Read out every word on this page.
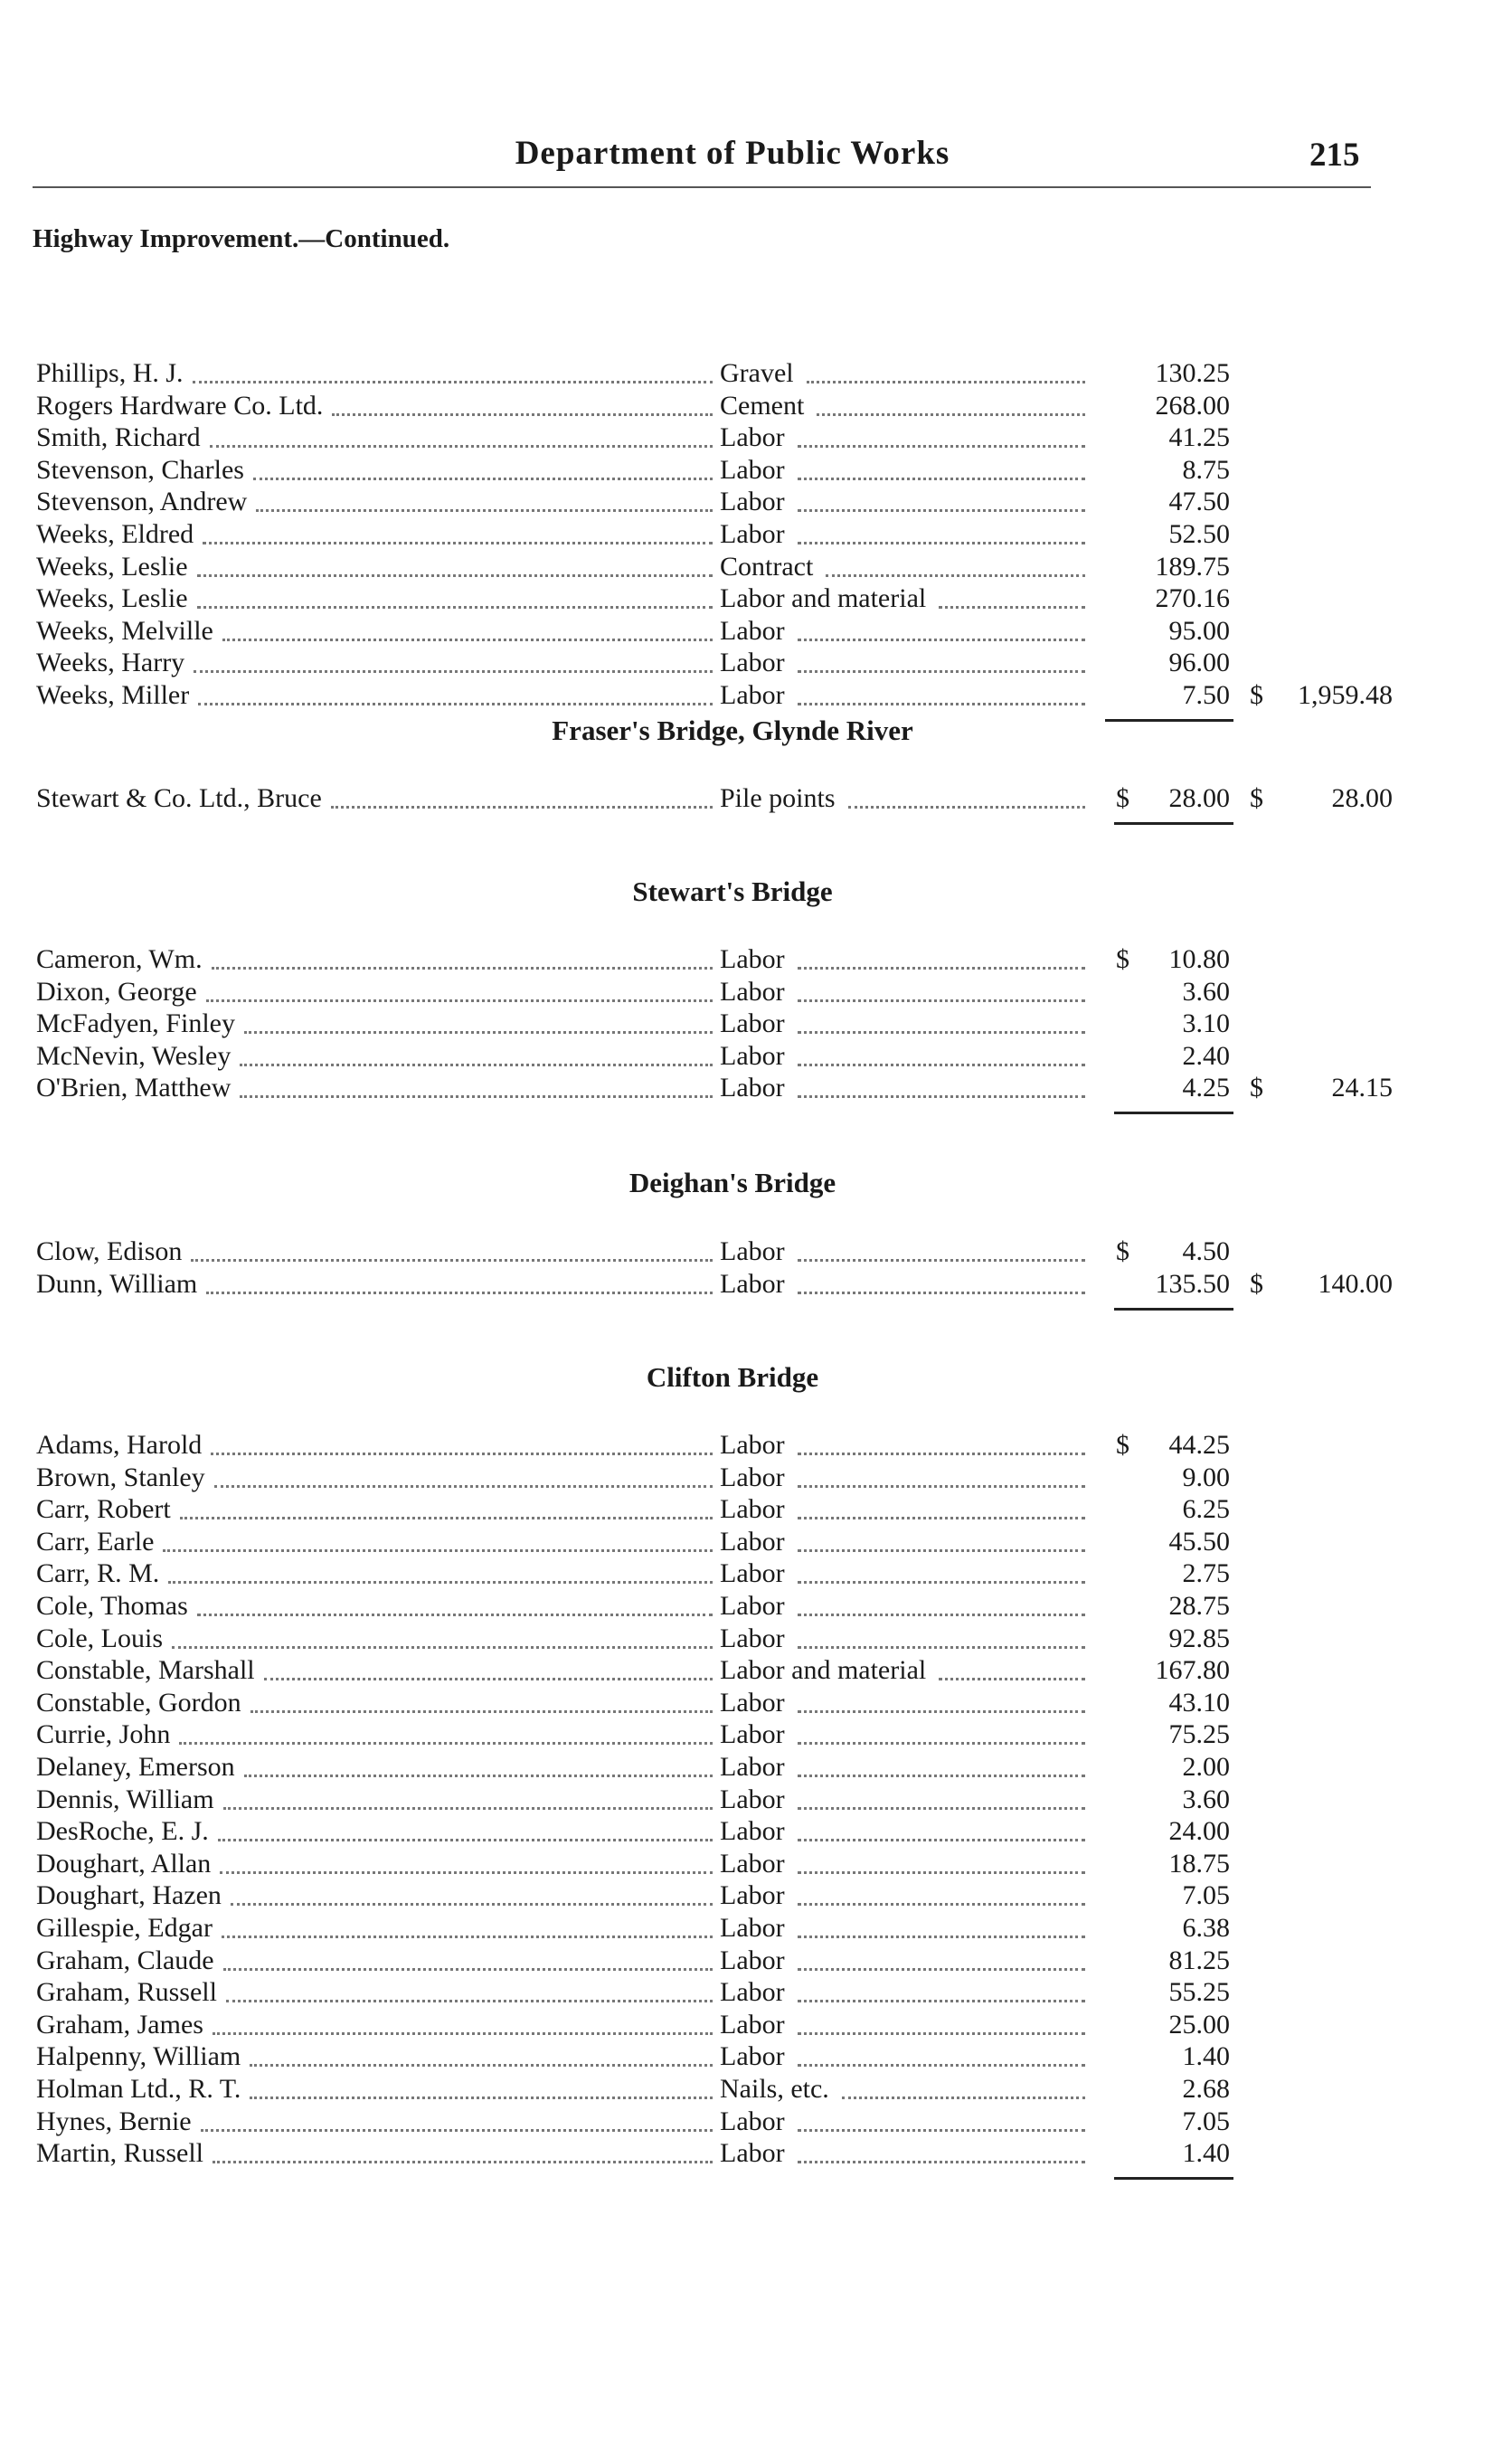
Department of Public Works	215
Highway Improvement.—Continued.
Phillips, H. J.	Gravel	130.25
Rogers Hardware Co. Ltd.	Cement	268.00
Smith, Richard	Labor	41.25
Stevenson, Charles	Labor	8.75
Stevenson, Andrew	Labor	47.50
Weeks, Eldred	Labor	52.50
Weeks, Leslie	Contract	189.75
Weeks, Leslie	Labor and material	270.16
Weeks, Melville	Labor	95.00
Weeks, Harry	Labor	96.00
Weeks, Miller	Labor	7.50 $ 1,959.48
Fraser's Bridge, Glynde River
Stewart & Co. Ltd., Bruce	Pile points	$ 28.00 $	28.00
Stewart's Bridge
Cameron, Wm.	Labor	$ 10.80
Dixon, George	Labor	3.60
McFadyen, Finley	Labor	3.10
McNevin, Wesley	Labor	2.40
O'Brien, Matthew	Labor	4.25 $	24.15
Deighan's Bridge
Clow, Edison	Labor	$ 4.50
Dunn, William	Labor	135.50 $ 140.00
Clifton Bridge
Adams, Harold	Labor	$ 44.25
Brown, Stanley	Labor	9.00
Carr, Robert	Labor	6.25
Carr, Earle	Labor	45.50
Carr, R. M.	Labor	2.75
Cole, Thomas	Labor	28.75
Cole, Louis	Labor	92.85
Constable, Marshall	Labor and material	167.80
Constable, Gordon	Labor	43.10
Currie, John	Labor	75.25
Delaney, Emerson	Labor	2.00
Dennis, William	Labor	3.60
DesRoche, E. J.	Labor	24.00
Doughart, Allan	Labor	18.75
Doughart, Hazen	Labor	7.05
Gillespie, Edgar	Labor	6.38
Graham, Claude	Labor	81.25
Graham, Russell	Labor	55.25
Graham, James	Labor	25.00
Halpenny, William	Labor	1.40
Holman Ltd., R. T.	Nails, etc.	2.68
Hynes, Bernie	Labor	7.05
Martin, Russell	Labor	1.40
